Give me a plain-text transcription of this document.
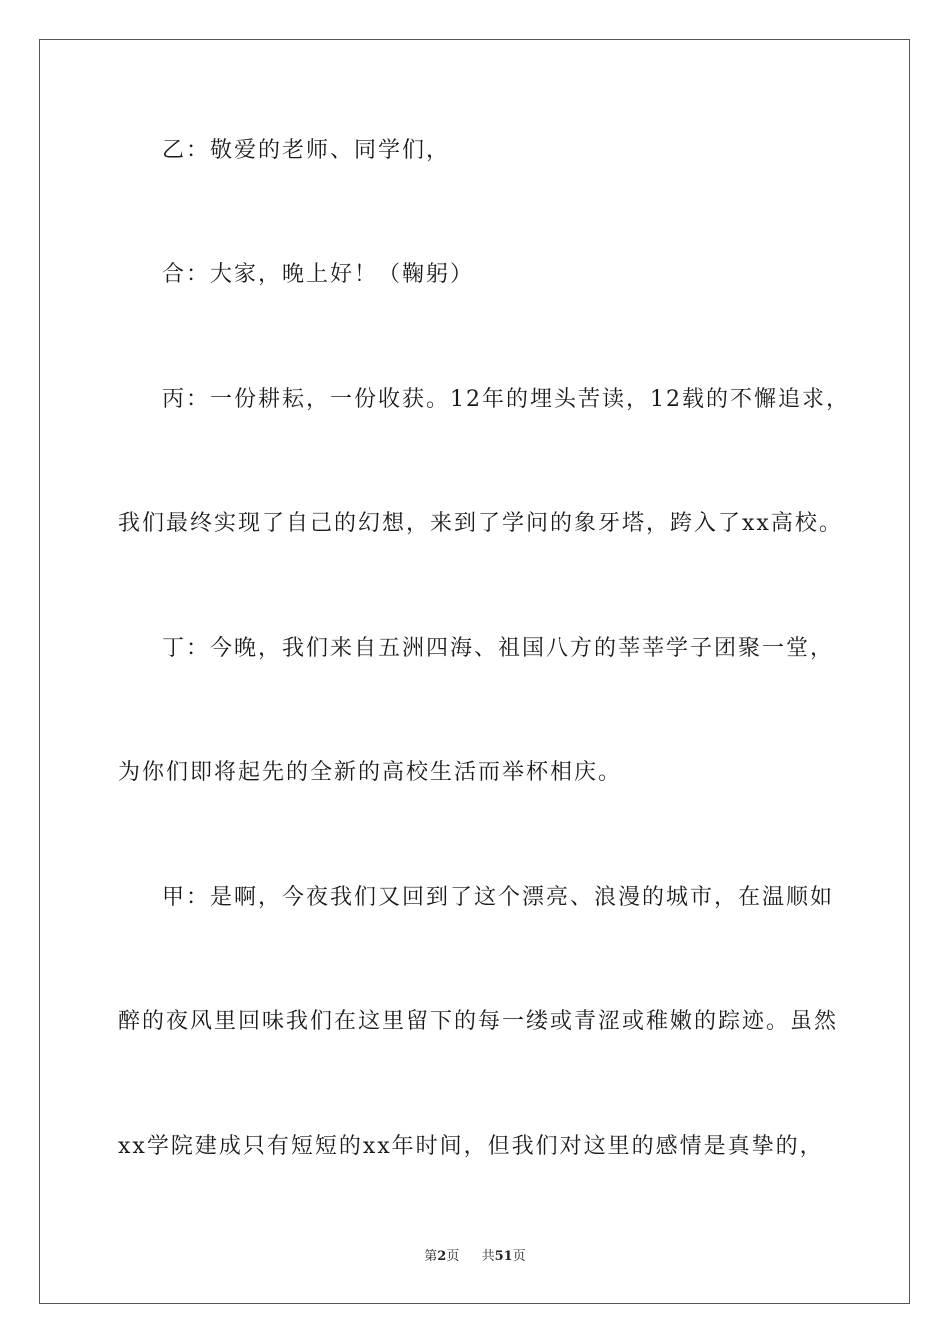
乙：敬爱的老师、同学们，
合：大家，晚上好！（鞠躬）
丙：一份耕耘，一份收获。12年的埋头苦读，12载的不懈追求，
我们最终实现了自己的幻想，来到了学问的象牙塔，跨入了xx高校。
丁：今晚，我们来自五洲四海、祖国八方的莘莘学子团聚一堂，
为你们即将起先的全新的高校生活而举杯相庆。
甲：是啊，今夜我们又回到了这个漂亮、浪漫的城市，在温顺如
醉的夜风里回味我们在这里留下的每一缕或青涩或稚嫩的踪迹。虽然
xx学院建成只有短短的xx年时间，但我们对这里的感情是真挚的，
第2页 共51页
